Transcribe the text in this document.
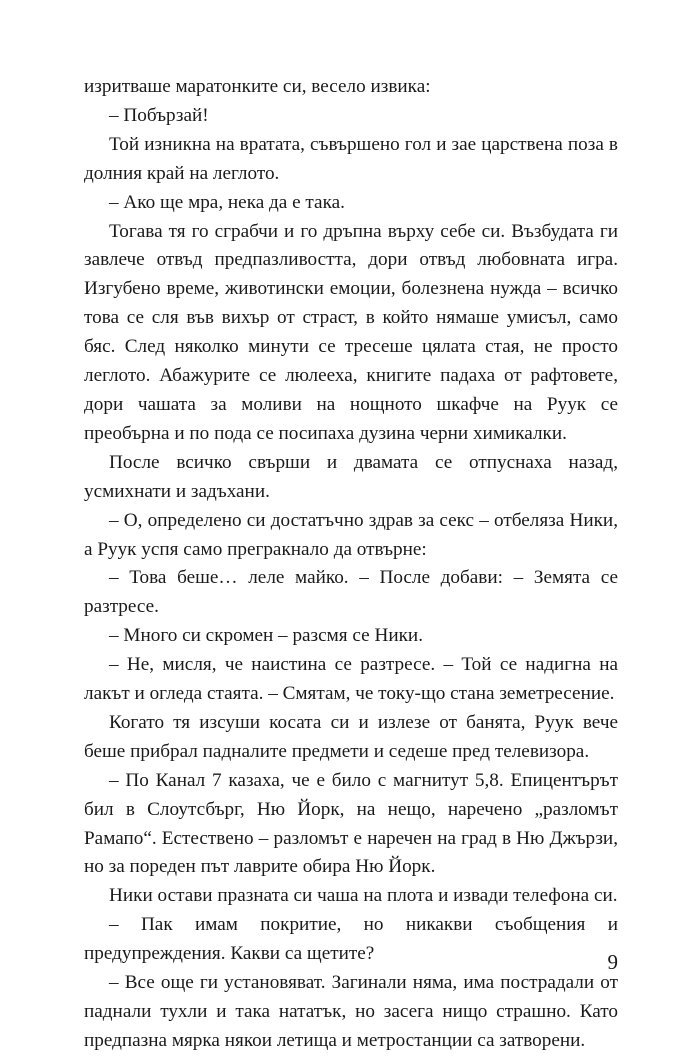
изритваше маратонките си, весело извика:

– Побързай!

Той изникна на вратата, съвършено гол и зае царствена поза в долния край на леглото.

– Ако ще мра, нека да е така.

Тогава тя го сграбчи и го дръпна върху себе си. Възбудата ги завлече отвъд предпазливостта, дори отвъд любовната игра. Изгубено време, животински емоции, болезнена нужда – всичко това се сля във вихър от страст, в който нямаше умисъл, само бяс. След няколко минути се тресеше цялата стая, не просто леглото. Абажурите се люлееха, книгите падаха от рафтовете, дори чашата за моливи на нощното шкафче на Руук се преобърна и по пода се посипаха дузина черни химикалки.

После всичко свърши и двамата се отпуснаха назад, усмихнати и задъхани.

– О, определено си достатъчно здрав за секс – отбеляза Ники, а Руук успя само прегракнало да отвърне:

– Това беше… леле майко. – После добави: – Земята се разтресе.

– Много си скромен – разсмя се Ники.

– Не, мисля, че наистина се разтресе. – Той се надигна на лакът и огледа стаята. – Смятам, че току-що стана земетресение.

Когато тя изсуши косата си и излезе от банята, Руук вече беше прибрал падналите предмети и седеше пред телевизора.

– По Канал 7 казаха, че е било с магнитут 5,8. Епицентърът бил в Слоутсбърг, Ню Йорк, на нещо, наречено „разломът Рамапо“. Естествено – разломът е наречен на град в Ню Джързи, но за пореден път лаврите обира Ню Йорк.

Ники остави празната си чаша на плота и извади телефона си.

– Пак имам покритие, но никакви съобщения и предупреждения. Какви са щетите?

– Все още ги установяват. Загинали няма, има пострадали от паднали тухли и така нататък, но засега нищо страшно. Като предпазна мярка някои летища и метростанции са затворени.

9
